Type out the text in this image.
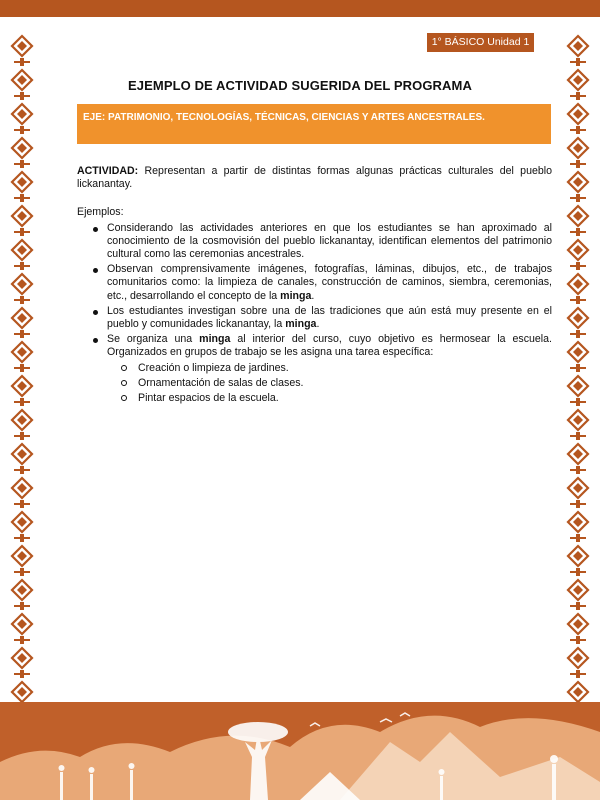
1° BÁSICO Unidad 1
EJEMPLO DE ACTIVIDAD SUGERIDA DEL PROGRAMA
EJE: PATRIMONIO, TECNOLOGÍAS, TÉCNICAS, CIENCIAS Y ARTES ANCESTRALES.

ACTIVIDAD: Representan a partir de distintas formas algunas prácticas culturales del pueblo lickanantay.

Ejemplos:
Considerando las actividades anteriores en que los estudiantes se han aproximado al conocimiento de la cosmovisión del pueblo lickanantay, identifican elementos del patrimonio cultural como las ceremonias ancestrales.
Observan comprensivamente imágenes, fotografías, láminas, dibujos, etc., de trabajos comunitarios como: la limpieza de canales, construcción de caminos, siembra, ceremonias, etc., desarrollando el concepto de la minga.
Los estudiantes investigan sobre una de las tradiciones que aún está muy presente en el pueblo y comunidades lickanantay, la minga.
Se organiza una minga al interior del curso, cuyo objetivo es hermosear la escuela. Organizados en grupos de trabajo se les asigna una tarea específica:
Creación o limpieza de jardines.
Ornamentación de salas de clases.
Pintar espacios de la escuela.
